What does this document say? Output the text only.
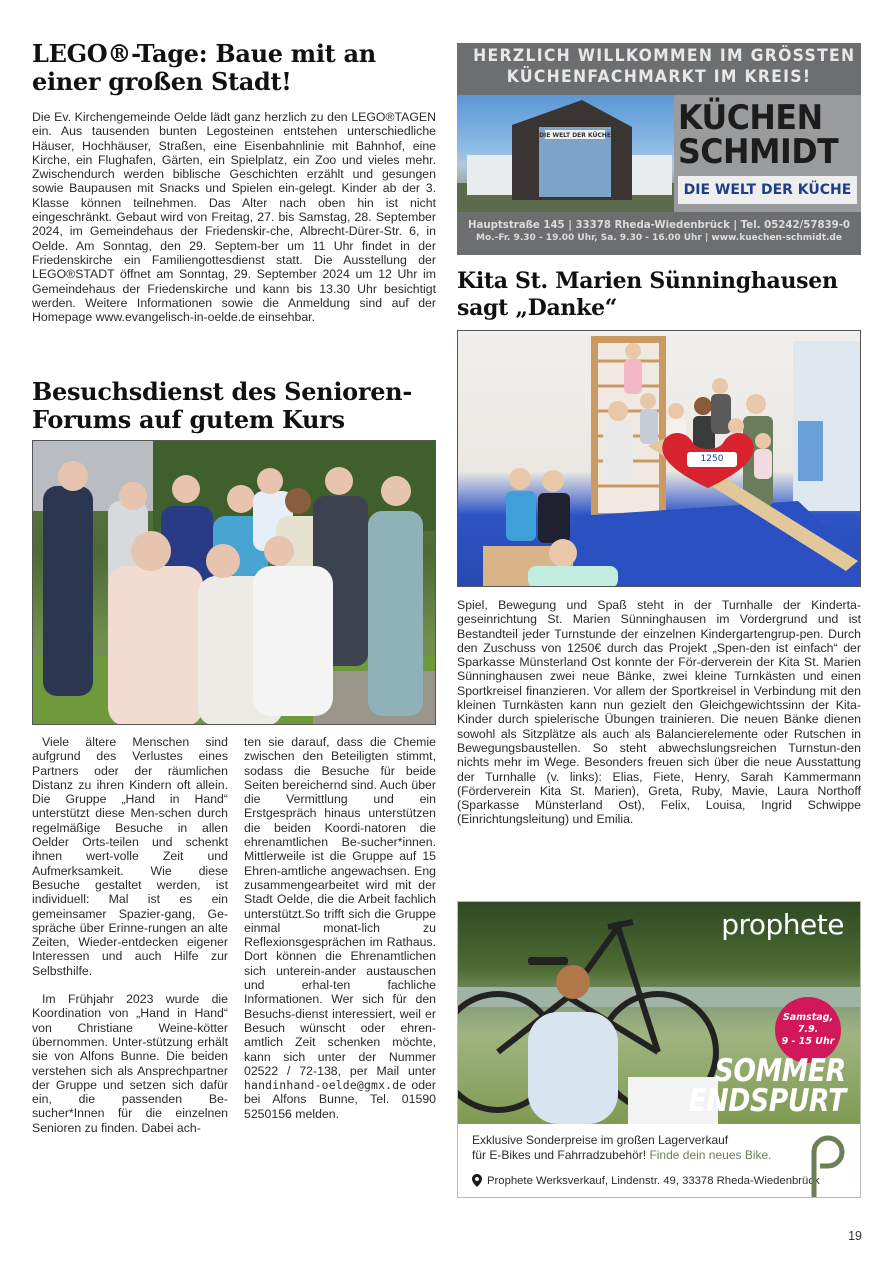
LEGO®-Tage: Baue mit an einer großen Stadt!

Die Ev. Kirchengemeinde Oelde lädt ganz herzlich zu den LEGO®TAGEN ein. Aus tausenden bunten Legosteinen entstehen unterschiedliche Häuser, Hochhäuser, Straßen, eine Eisenbahnlinie mit Bahnhof, eine Kirche, ein Flughafen, Gärten, ein Spielplatz, ein Zoo und vieles mehr. Zwischendurch werden biblische Geschichten erzählt und gesungen sowie Baupausen mit Snacks und Spielen ein-gelegt. Kinder ab der 3. Klasse können teilnehmen. Das Alter nach oben hin ist nicht eingeschränkt. Gebaut wird von Freitag, 27. bis Samstag, 28. September 2024, im Gemeindehaus der Friedenskir-che, Albrecht-Dürer-Str. 6, in Oelde. Am Sonntag, den 29. Septem-ber um 11 Uhr findet in der Friedenskirche ein Familiengottesdienst statt. Die Ausstellung der LEGO®STADT öffnet am Sonntag, 29. September 2024 um 12 Uhr im Gemeindehaus der Friedenskirche und kann bis 13.30 Uhr besichtigt werden. Weitere Informationen sowie die Anmeldung sind auf der Homepage www.evangelisch-in-oelde.de einsehbar.

Besuchsdienst des Senioren-Forums auf gutem Kurs

Viele ältere Menschen sind aufgrund des Verlustes eines Partners oder der räumlichen Distanz zu ihren Kindern oft allein. Die Gruppe „Hand in Hand“ unterstützt diese Men-schen durch regelmäßige Besuche in allen Oelder Orts-teilen und schenkt ihnen wert-volle Zeit und Aufmerksamkeit. Wie diese Besuche gestaltet werden, ist individuell: Mal ist es ein gemeinsamer Spazier-gang, Ge-spräche über Erinne-rungen an alte Zeiten, Wieder-entdecken eigener Interessen und auch Hilfe zur Selbsthilfe.

Im Frühjahr 2023 wurde die Koordination von „Hand in Hand“ von Christiane Weine-kötter übernommen. Unter-stützung erhält sie von Alfons Bunne. Die beiden verstehen sich als Ansprechpartner der Gruppe und setzen sich dafür ein, die passenden Be-sucher*Innen für die einzelnen Senioren zu finden. Dabei ach-

ten sie darauf, dass die Chemie zwischen den Beteiligten stimmt, sodass die Besuche für beide Seiten bereichernd sind. Auch über die Vermittlung und ein Erstgespräch hinaus unterstützen die beiden Koordi-natoren die ehrenamtlichen Be-sucher*innen. Mittlerweile ist die Gruppe auf 15 Ehren-amtliche angewachsen. Eng zusammengearbeitet wird mit der Stadt Oelde, die die Arbeit fachlich unterstützt.So trifft sich die Gruppe einmal monat-lich zu Reflexionsgesprächen im Rathaus. Dort können die Ehrenamtlichen sich unterein-ander austauschen und erhal-ten fachliche Informationen. Wer sich für den Besuchs-dienst interessiert, weil er Besuch wünscht oder ehren-amtlich Zeit schenken möchte, kann sich unter der Nummer 02522 / 72-138, per Mail unter handinhand-oelde@gmx.de oder bei Alfons Bunne, Tel. 01590 5250156 melden.

HERZLICH WILLKOMMEN IM GRÖSSTEN
KÜCHENFACHMARKT IM KREIS!
DIE WELT DER KÜCHE KÜCHEN
SCHMIDT
DIE WELT DER KÜCHE
Hauptstraße 145 | 33378 Rheda-Wiedenbrück | Tel. 05242/57839-0
Mo.-Fr. 9.30 - 19.00 Uhr, Sa. 9.30 - 16.00 Uhr | www.kuechen-schmidt.de
Kita St. Marien Sünninghausen sagt „Danke“
1250

Spiel, Bewegung und Spaß steht in der Turnhalle der Kinderta-geseinrichtung St. Marien Sünninghausen im Vordergrund und ist Bestandteil jeder Turnstunde der einzelnen Kindergartengrup-pen. Durch den Zuschuss von 1250€ durch das Projekt „Spen-den ist einfach“ der Sparkasse Münsterland Ost konnte der För-derverein der Kita St. Marien Sünninghausen zwei neue Bänke, zwei kleine Turnkästen und einen Sportkreisel finanzieren. Vor allem der Sportkreisel in Verbindung mit den kleinen Turnkästen kann nun gezielt den Gleichgewichtssinn der Kita-Kinder durch spielerische Übungen trainieren. Die neuen Bänke dienen sowohl als Sitzplätze als auch als Balancierelemente oder Rutschen in Bewegungsbaustellen. So steht abwechslungsreichen Turnstun-den nichts mehr im Wege. Besonders freuen sich über die neue Ausstattung der Turnhalle (v. links): Elias, Fiete, Henry, Sarah Kammermann (Förderverein Kita St. Marien), Greta, Ruby, Mavie, Laura Northoff (Sparkasse Münsterland Ost), Felix, Louisa, Ingrid Schwippe (Einrichtungsleitung) und Emilia.

prophete
Samstag, 7.9.
9 - 15 Uhr
SOMMER
ENDSPURT
Exklusive Sonderpreise im großen Lagerverkauf
für E-Bikes und Fahrradzubehör! Finde dein neues Bike.
Prophete Werksverkauf, Lindenstr. 49, 33378 Rheda-Wiedenbrück
19
